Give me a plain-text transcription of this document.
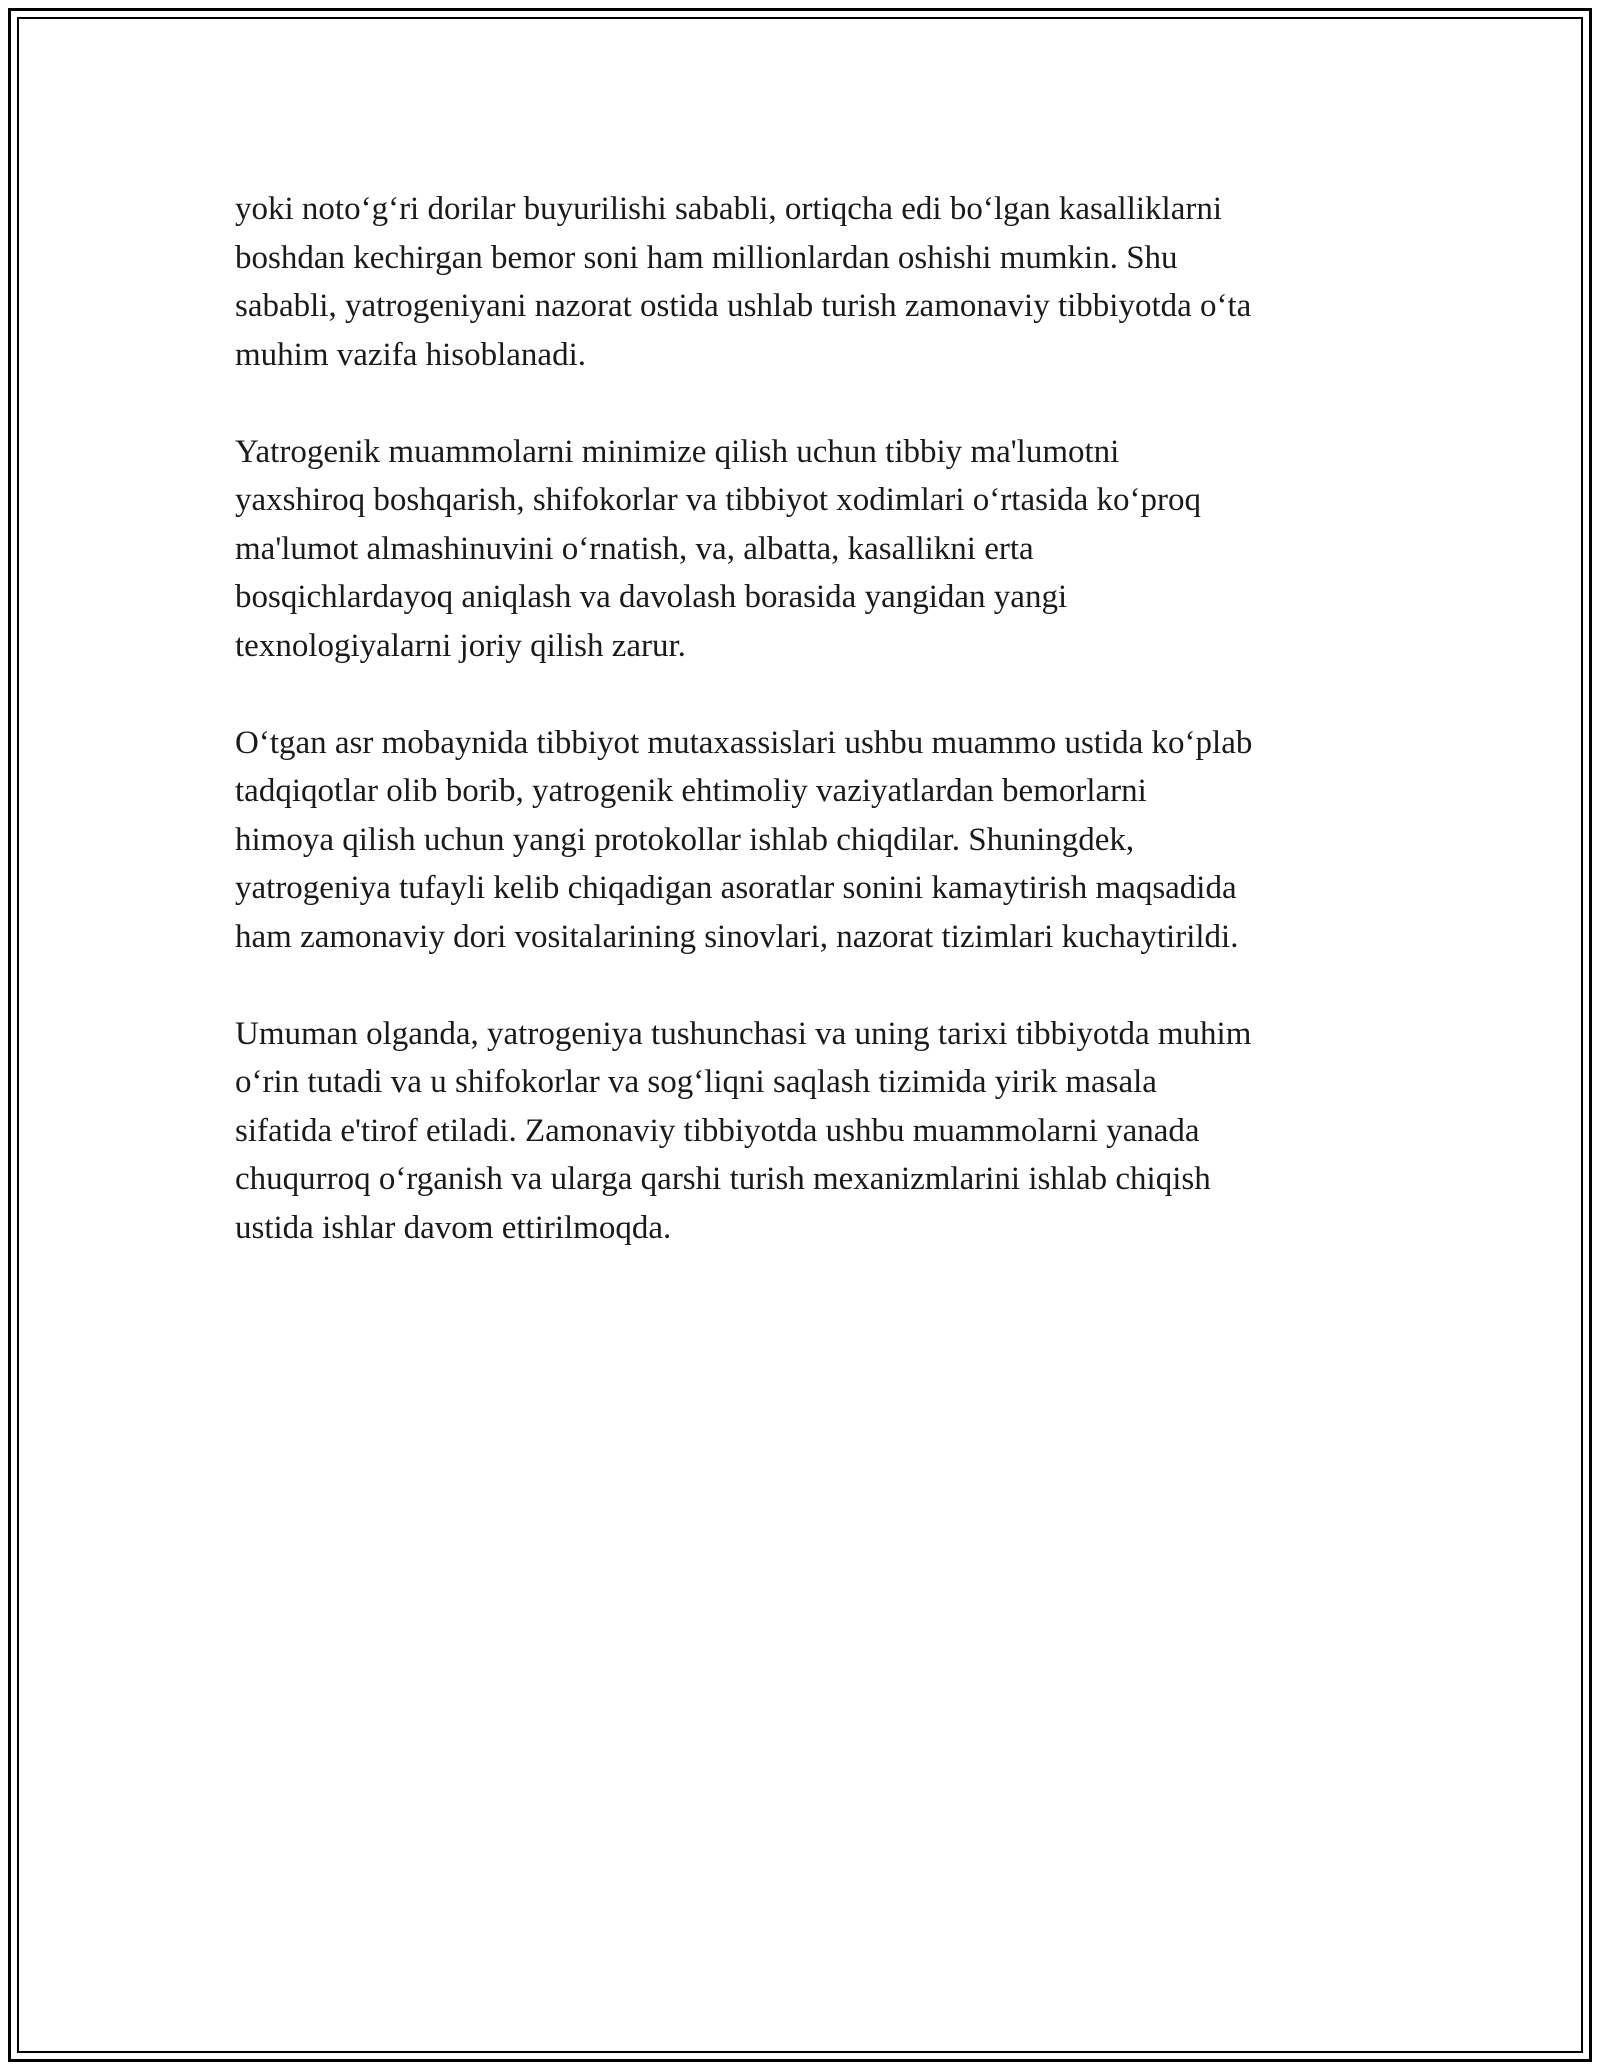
yoki noto‘g‘ri dorilar buyurilishi sababli, ortiqcha edi bo‘lgan kasalliklarni
boshdan kechirgan bemor soni ham millionlardan oshishi mumkin. Shu
sababli, yatrogeniyani nazorat ostida ushlab turish zamonaviy tibbiyotda o‘ta
muhim vazifa hisoblanadi.

Yatrogenik muammolarni minimize qilish uchun tibbiy ma'lumotni
yaxshiroq boshqarish, shifokorlar va tibbiyot xodimlari o‘rtasida ko‘proq
ma'lumot almashinuvini o‘rnatish, va, albatta, kasallikni erta
bosqichlardayoq aniqlash va davolash borasida yangidan yangi
texnologiyalarni joriy qilish zarur.

O‘tgan asr mobaynida tibbiyot mutaxassislari ushbu muammo ustida ko‘plab
tadqiqotlar olib borib, yatrogenik ehtimoliy vaziyatlardan bemorlarni
himoya qilish uchun yangi protokollar ishlab chiqdilar. Shuningdek,
yatrogeniya tufayli kelib chiqadigan asoratlar sonini kamaytirish maqsadida
ham zamonaviy dori vositalarining sinovlari, nazorat tizimlari kuchaytirildi.

Umuman olganda, yatrogeniya tushunchasi va uning tarixi tibbiyotda muhim
o‘rin tutadi va u shifokorlar va sog‘liqni saqlash tizimida yirik masala
sifatida e'tirof etiladi. Zamonaviy tibbiyotda ushbu muammolarni yanada
chuqurroq o‘rganish va ularga qarshi turish mexanizmlarini ishlab chiqish
ustida ishlar davom ettirilmoqda.
